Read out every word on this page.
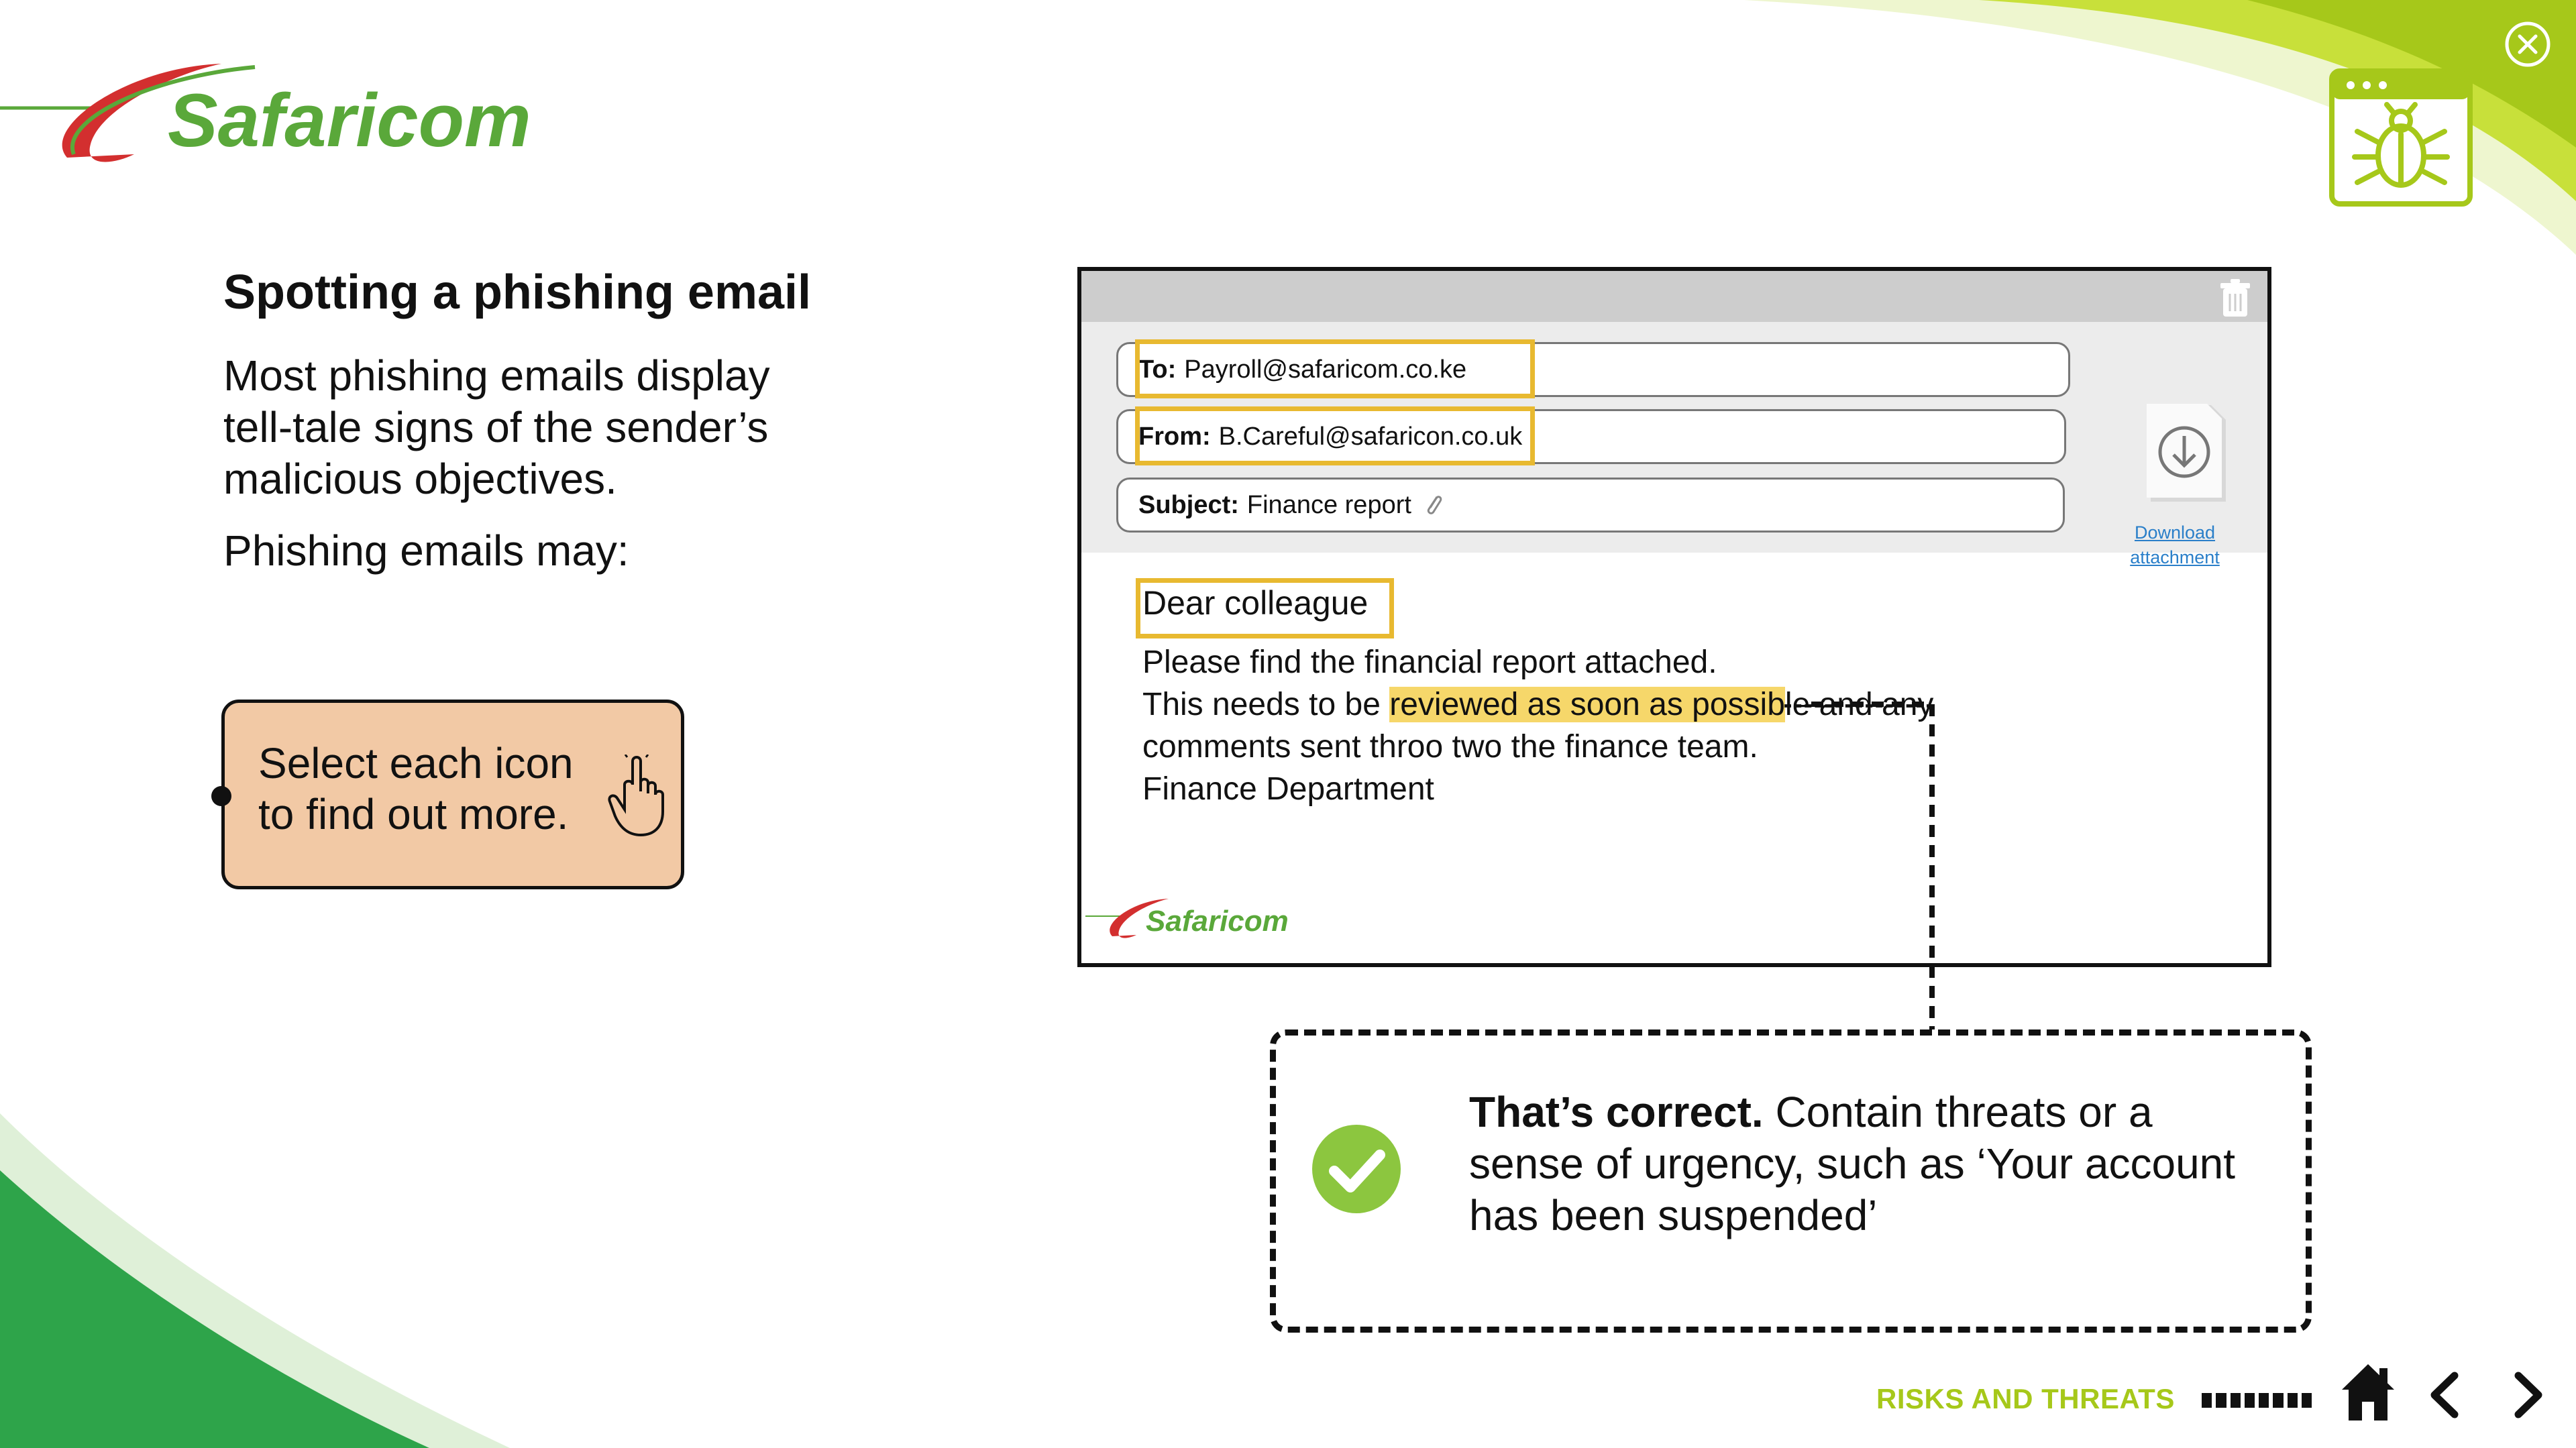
Safaricom
Spotting a phishing email
Most phishing emails display tell-tale signs of the sender’s malicious objectives.
Phishing emails may:
Select each icon to find out more.
To: Payroll@safaricom.co.ke
From: B.Careful@safaricon.co.uk
Subject: Finance report
Download
attachment
Dear colleague
Please find the financial report attached.
This needs to be reviewed as soon as possible and any
comments sent throo two the finance team.
Finance Department
Safaricom
That’s correct. Contain threats or a sense of urgency, such as ‘Your account has been suspended’
RISKS AND THREATS
